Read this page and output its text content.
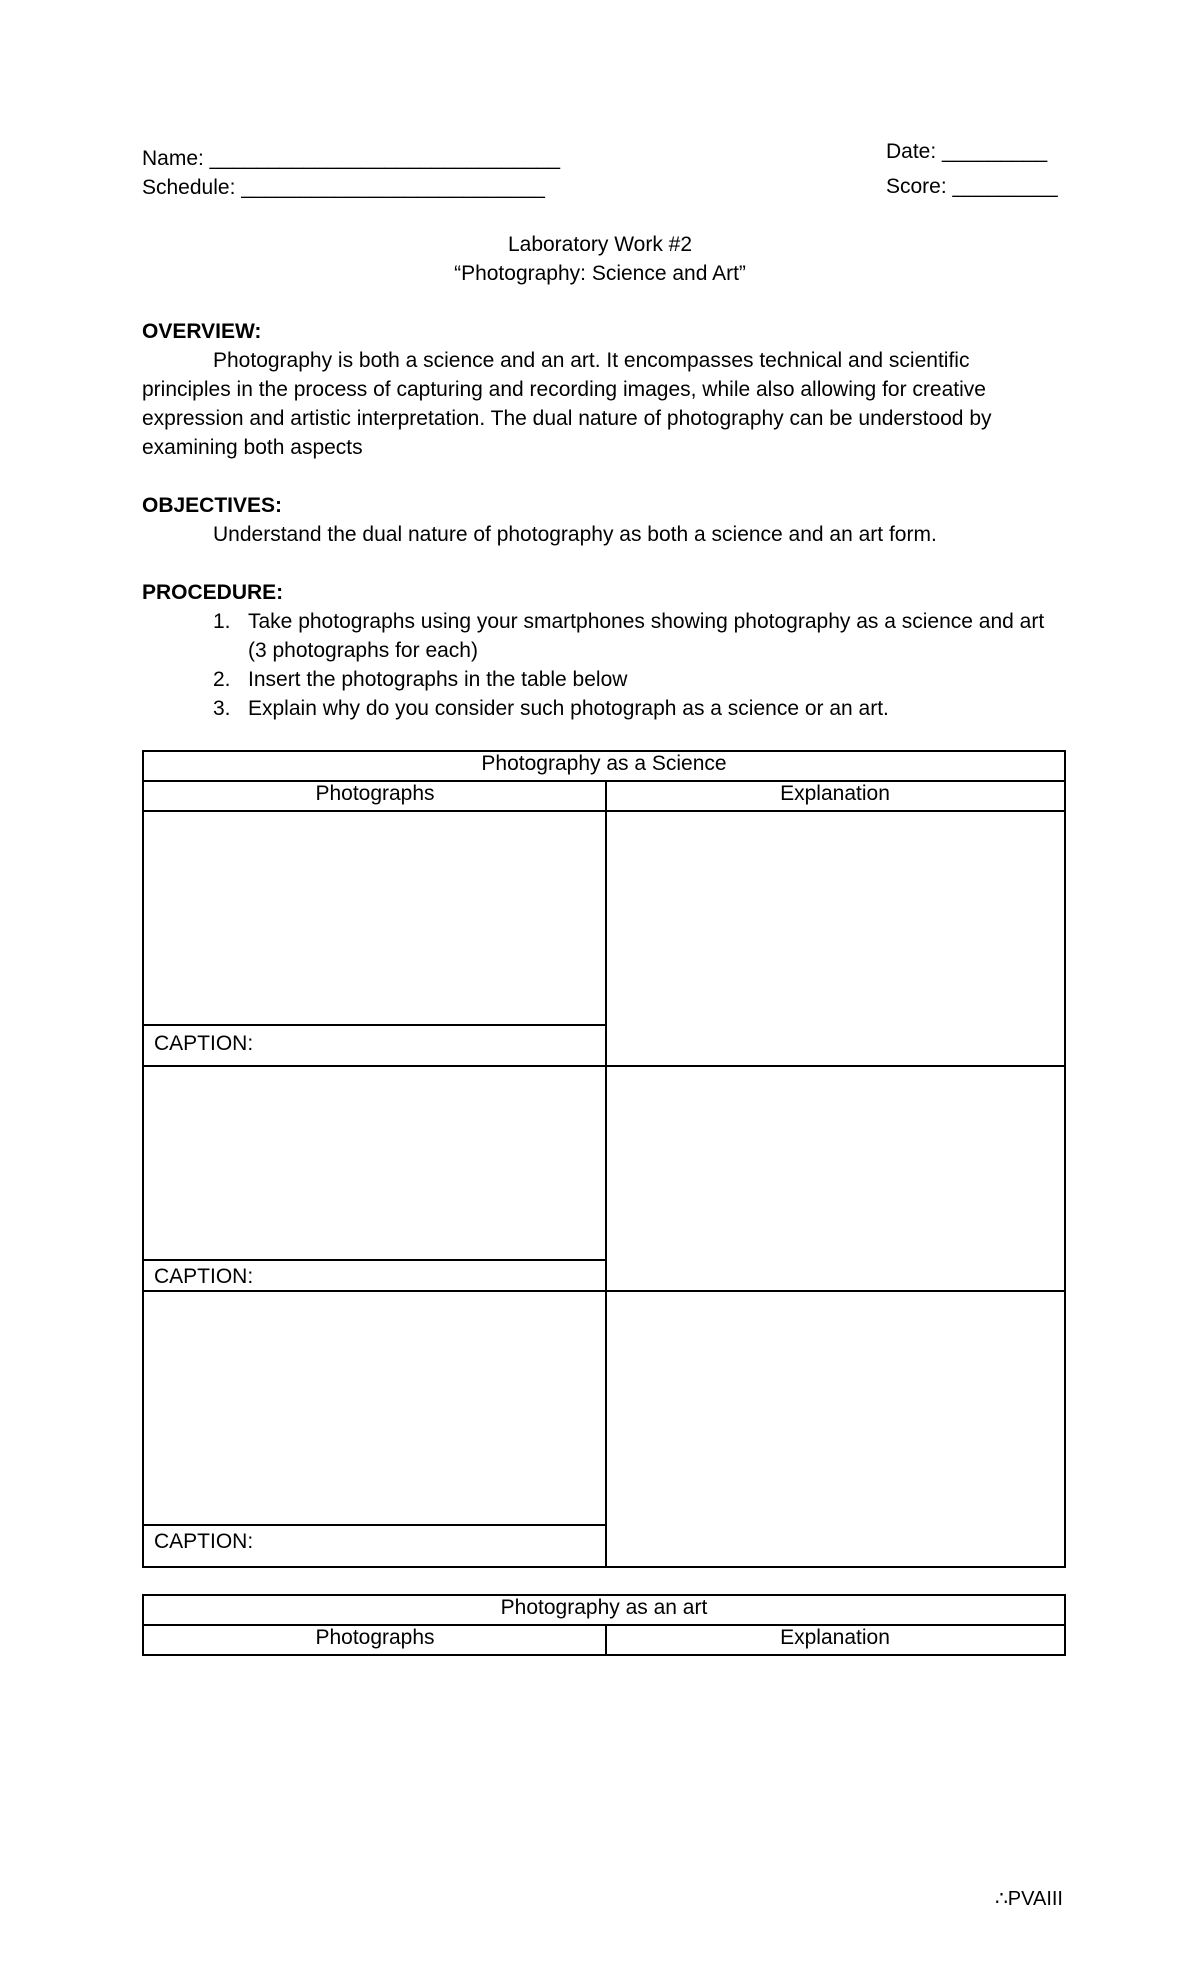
Name: ______________________________
Schedule: __________________________
Date: _________
Score: _________
Laboratory Work #2
“Photography: Science and Art”
OVERVIEW:
Photography is both a science and an art. It encompasses technical and scientific principles in the process of capturing and recording images, while also allowing for creative expression and artistic interpretation. The dual nature of photography can be understood by examining both aspects
OBJECTIVES:
Understand the dual nature of photography as both a science and an art form.
PROCEDURE:
1. Take photographs using your smartphones showing photography as a science and art (3 photographs for each)
2. Insert the photographs in the table below
3. Explain why do you consider such photograph as a science or an art.
Photography as a Science
Photographs	Explanation
CAPTION:
CAPTION:
CAPTION:
Photography as an art
Photographs	Explanation
∴PVAIII
